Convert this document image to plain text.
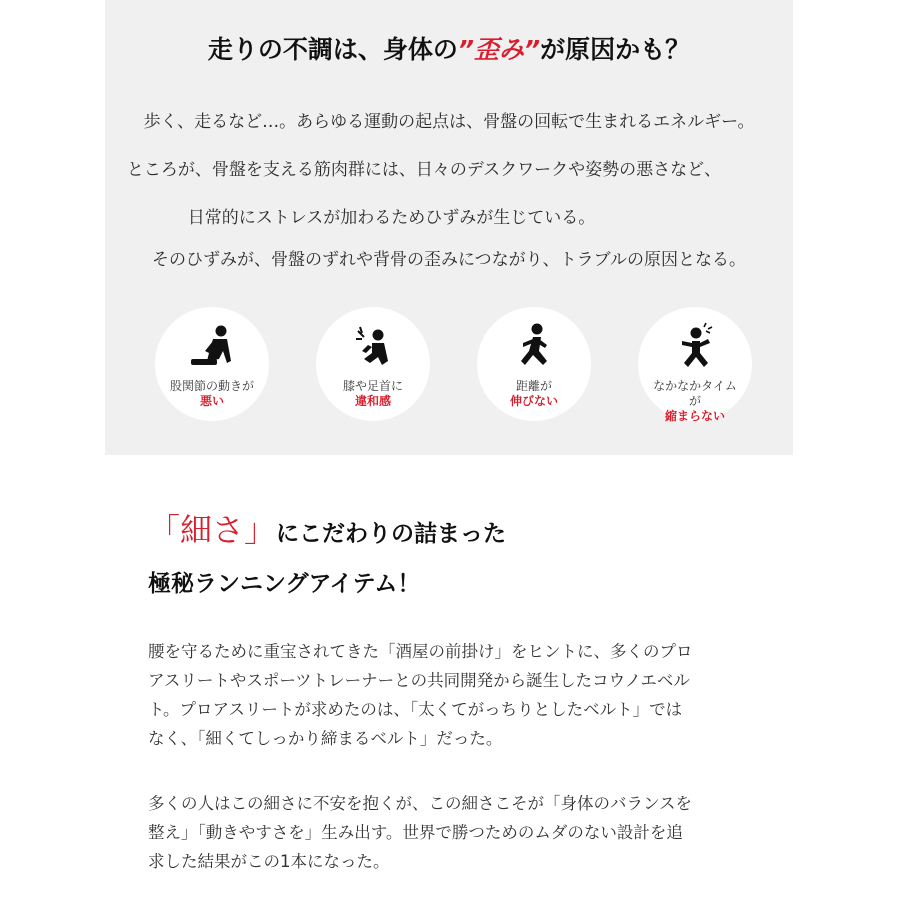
走りの不調は、身体の”歪み”が原因かも？
歩く、走るなど…。あらゆる運動の起点は、骨盤の回転で生まれるエネルギー。
ところが、骨盤を支える筋肉群には、日々のデスクワークや姿勢の悪さなど、
日常的にストレスが加わるためひずみが生じている。
そのひずみが、骨盤のずれや背骨の歪みにつながり、トラブルの原因となる。
股関節の動きが
悪い
膝や足首に
違和感
距離が
伸びない
なかなかタイム
が
縮まらない
「細さ」にこだわりの詰まった
極秘ランニングアイテム！
腰を守るために重宝されてきた「酒屋の前掛け」をヒントに、多くのプロ
アスリートやスポーツトレーナーとの共同開発から誕生したコウノエベル
ト。プロアスリートが求めたのは、「太くてがっちりとしたベルト」では
なく、「細くてしっかり締まるベルト」だった。
多くの人はこの細さに不安を抱くが、この細さこそが「身体のバランスを
整え」「動きやすさを」生み出す。世界で勝つためのムダのない設計を追
求した結果がこの1本になった。
